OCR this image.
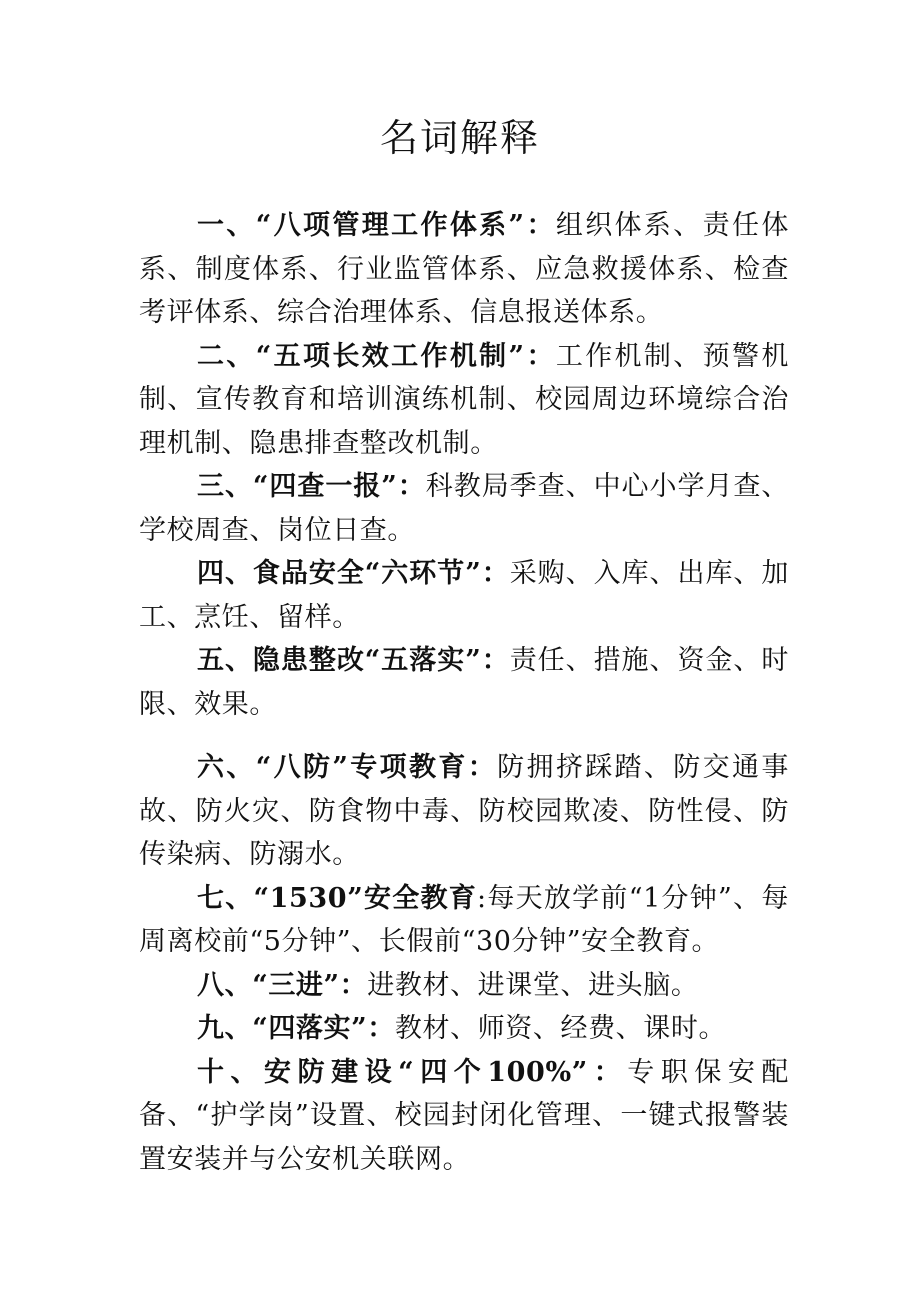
名词解释

一、“八项管理工作体系”：组织体系、责任体系、制度体系、行业监管体系、应急救援体系、检查考评体系、综合治理体系、信息报送体系。

二、“五项长效工作机制”：工作机制、预警机制、宣传教育和培训演练机制、校园周边环境综合治理机制、隐患排查整改机制。

三、“四查一报”：科教局季查、中心小学月查、学校周查、岗位日查。

四、食品安全“六环节”：采购、入库、出库、加工、烹饪、留样。

五、隐患整改“五落实”：责任、措施、资金、时限、效果。

六、“八防”专项教育：防拥挤踩踏、防交通事故、防火灾、防食物中毒、防校园欺凌、防性侵、防传染病、防溺水。

七、“1530”安全教育:每天放学前“1分钟”、每周离校前“5分钟”、长假前“30分钟”安全教育。

八、“三进”：进教材、进课堂、进头脑。

九、“四落实”：教材、师资、经费、课时。

十、安防建设“四个100%”：专职保安配备、“护学岗”设置、校园封闭化管理、一键式报警装置安装并与公安机关联网。
